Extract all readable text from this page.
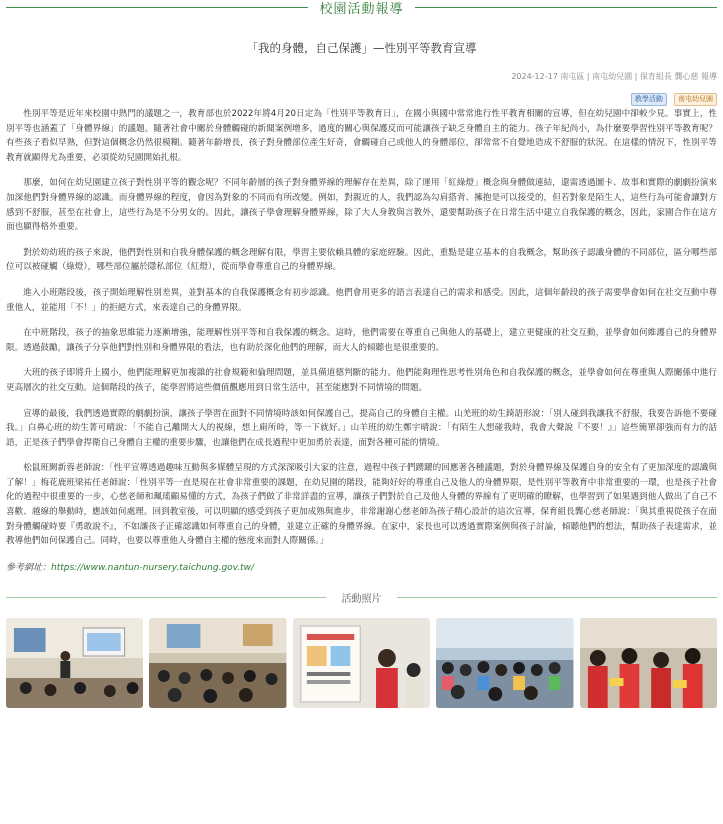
校園活動報導
「我的身體，自己保護」—性別平等教育宣導
2024-12-17 南屯區 | 南屯幼兒園 | 保育組長 龔心慈 報導
教學活動 南屯幼兒園

性別平等是近年來校園中熱門的議題之一，教育部也於2022年將4月20日定為「性別平等教育日」，在國小與國中常常進行性平教育相關的宣導，但在幼兒園中卻較少見。事實上，性別平等也涵蓋了「身體界線」的議題。隨著社會中關於身體觸碰的新聞案例增多，過度的關心與保護反而可能讓孩子缺乏身體自主的能力。孩子年紀尚小，為什麼要學習性別平等教育呢？有些孩子看似早熟，但對這個概念仍然很模糊。隨著年齡增長，孩子對身體部位產生好奇，會觸碰自己或他人的身體部位，卻常常不自覺地造成不舒服的狀況。在這樣的情況下，性別平等教育就顯得尤為重要，必須從幼兒園開始扎根。

那麼，如何在幼兒園建立孩子對性別平等的觀念呢？不同年齡層的孩子對身體界線的理解存在差異，除了運用「紅綠燈」概念與身體做連結，還需透過圖卡、故事和實際的劇劇扮演來加深他們對身體界線的認識。而身體界線的程度，會因為對象的不同而有所改變。例如，對親近的人，我們認為勾肩搭背、擁抱是可以接受的，但若對象是陌生人，這些行為可能會讓對方感到不舒服，甚至在社會上，這些行為是不分男女的。因此，讓孩子學會理解身體界線，除了大人身教與言教外，還要幫助孩子在日常生活中建立自我保護的概念，因此，家園合作在這方面也顯得格外重要。

對於幼幼班的孩子來說，他們對性別和自我身體保護的概念理解有限，學習主要依賴具體的家庭經驗。因此，重點是建立基本的自我概念，幫助孩子認識身體的不同部位，區分哪些部位可以被碰觸（綠燈），哪些部位屬於隱私部位（紅燈），從而學會尊重自己的身體界線。

進入小班階段後，孩子開始理解性別差異，並對基本的自我保護概念有初步認識。他們會用更多的語言表達自己的需求和感受。因此，這個年齡段的孩子需要學會如何在社交互動中尊重他人，並能用「不！」的拒絕方式，來表達自己的身體界限。

在中班階段，孩子的抽象思維能力逐漸增強，能理解性別平等和自我保護的概念。這時，他們需要在尊重自己與他人的基礎上，建立更健康的社交互動，並學會如何維護自己的身體界限。透過鼓勵，讓孩子分享他們對性別和身體界限的看法，也有助於深化他們的理解，而大人的傾聽也是很重要的。

大班的孩子即將升上國小，他們能理解更加複雜的社會規範和倫理問題，並具備道德判斷的能力。他們能夠理性思考性別角色和自我保護的概念，並學會如何在尊重與人際關係中進行更高層次的社交互動。這個階段的孩子，能學習將這些價值觀應用到日常生活中，甚至能應對不同情境的問題。

宣導的最後，我們透過實際的劇劇扮演，讓孩子學習在面對不同情境時該如何保護自己，提高自己的身體自主權。山羌班的幼生錡語形說：「別人碰到我讓我不舒服，我要告訴他不要碰我。」白鼻心班的幼生菁可晴說：「不能自己離開大人的視線，想上廁所時，等一下就好。」山羊班的幼生鄭宇晴說：「有陌生人想碰我時，我會大聲說『不要！』」這些簡單卻強而有力的話語，正是孩子們學會捍衛自己身體自主權的重要步驟，也讓他們在成長過程中更加勇於表達，面對各種可能的情境。

松鼠班闕新蓉老師說：「性平宣導透過趣味互動與多媒體呈現的方式深深吸引大家的注意，過程中孩子們踴躍的回應著各種議題，對於身體界線及保護自身的安全有了更加深度的認識與了解！」梅花鹿班梁祐任老師說：「性別平等一直是現在社會非常重要的課題，在幼兒園的階段，能夠好好的尊重自己及他人的身體界限，是性別平等教育中非常重要的一環，也是孩子社會化的過程中很重要的一步，心慈老師和珮瑤顧易懂的方式，為孩子們做了非常詳盡的宣導，讓孩子們對於自己及他人身體的界線有了更明確的瞭解，也學習到了如果遇到他人做出了自己不喜歡、越線的舉動時，應該如何處理。回到教室後，可以明顯的感受到孩子更加成熟與進步，非常謝謝心慈老師為孩子精心設計的這次宣導，保育組長龔心慈老師說：「與其重視從孩子在面對身體觸碰時要『勇敢說不』，不如讓孩子正確認識如何尊重自己的身體，並建立正確的身體界線。在家中，家長也可以透過實際案例與孩子討論，傾聽他們的想法，幫助孩子表達需求，並教導他們如何保護自己。同時，也要以尊重他人身體自主權的態度來面對人際關係。」

參考網址：https://www.nantun-nursery.taichung.gov.tw/
活動照片
